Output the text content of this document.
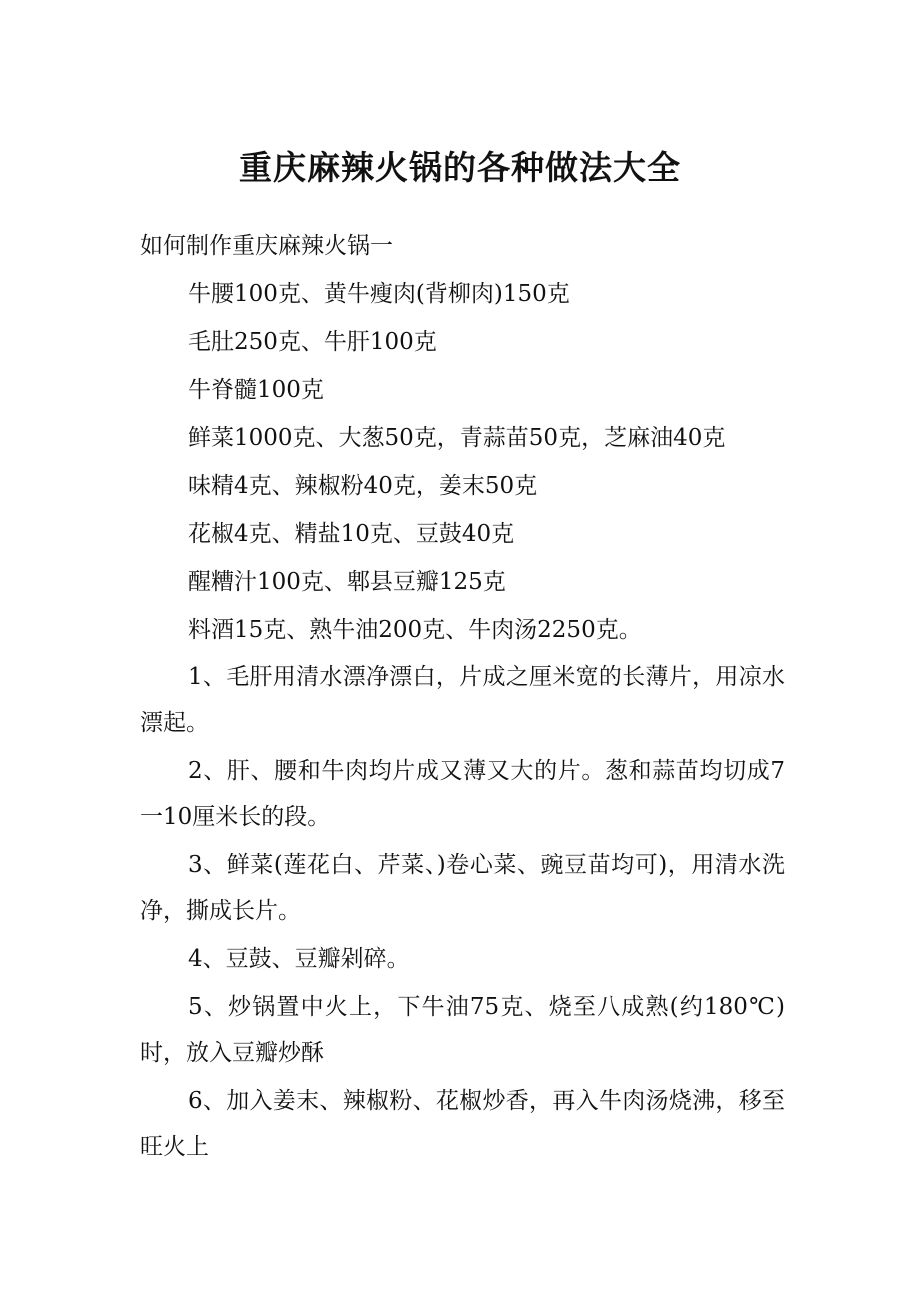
重庆麻辣火锅的各种做法大全
如何制作重庆麻辣火锅一
牛腰100克、黄牛瘦肉(背柳肉)150克
毛肚250克、牛肝100克
牛脊髓100克
鲜菜1000克、大葱50克，青蒜苗50克，芝麻油40克
味精4克、辣椒粉40克，姜末50克
花椒4克、精盐10克、豆鼓40克
醒糟汁100克、郫县豆瓣125克
料酒15克、熟牛油200克、牛肉汤2250克。
1、毛肝用清水漂净漂白，片成之厘米宽的长薄片，用凉水漂起。
2、肝、腰和牛肉均片成又薄又大的片。葱和蒜苗均切成7一10厘米长的段。
3、鲜菜(莲花白、芹菜、)卷心菜、豌豆苗均可)，用清水洗净，撕成长片。
4、豆鼓、豆瓣剁碎。
5、炒锅置中火上，下牛油75克、烧至八成熟(约180℃)时，放入豆瓣炒酥
6、加入姜末、辣椒粉、花椒炒香，再入牛肉汤烧沸，移至旺火上
